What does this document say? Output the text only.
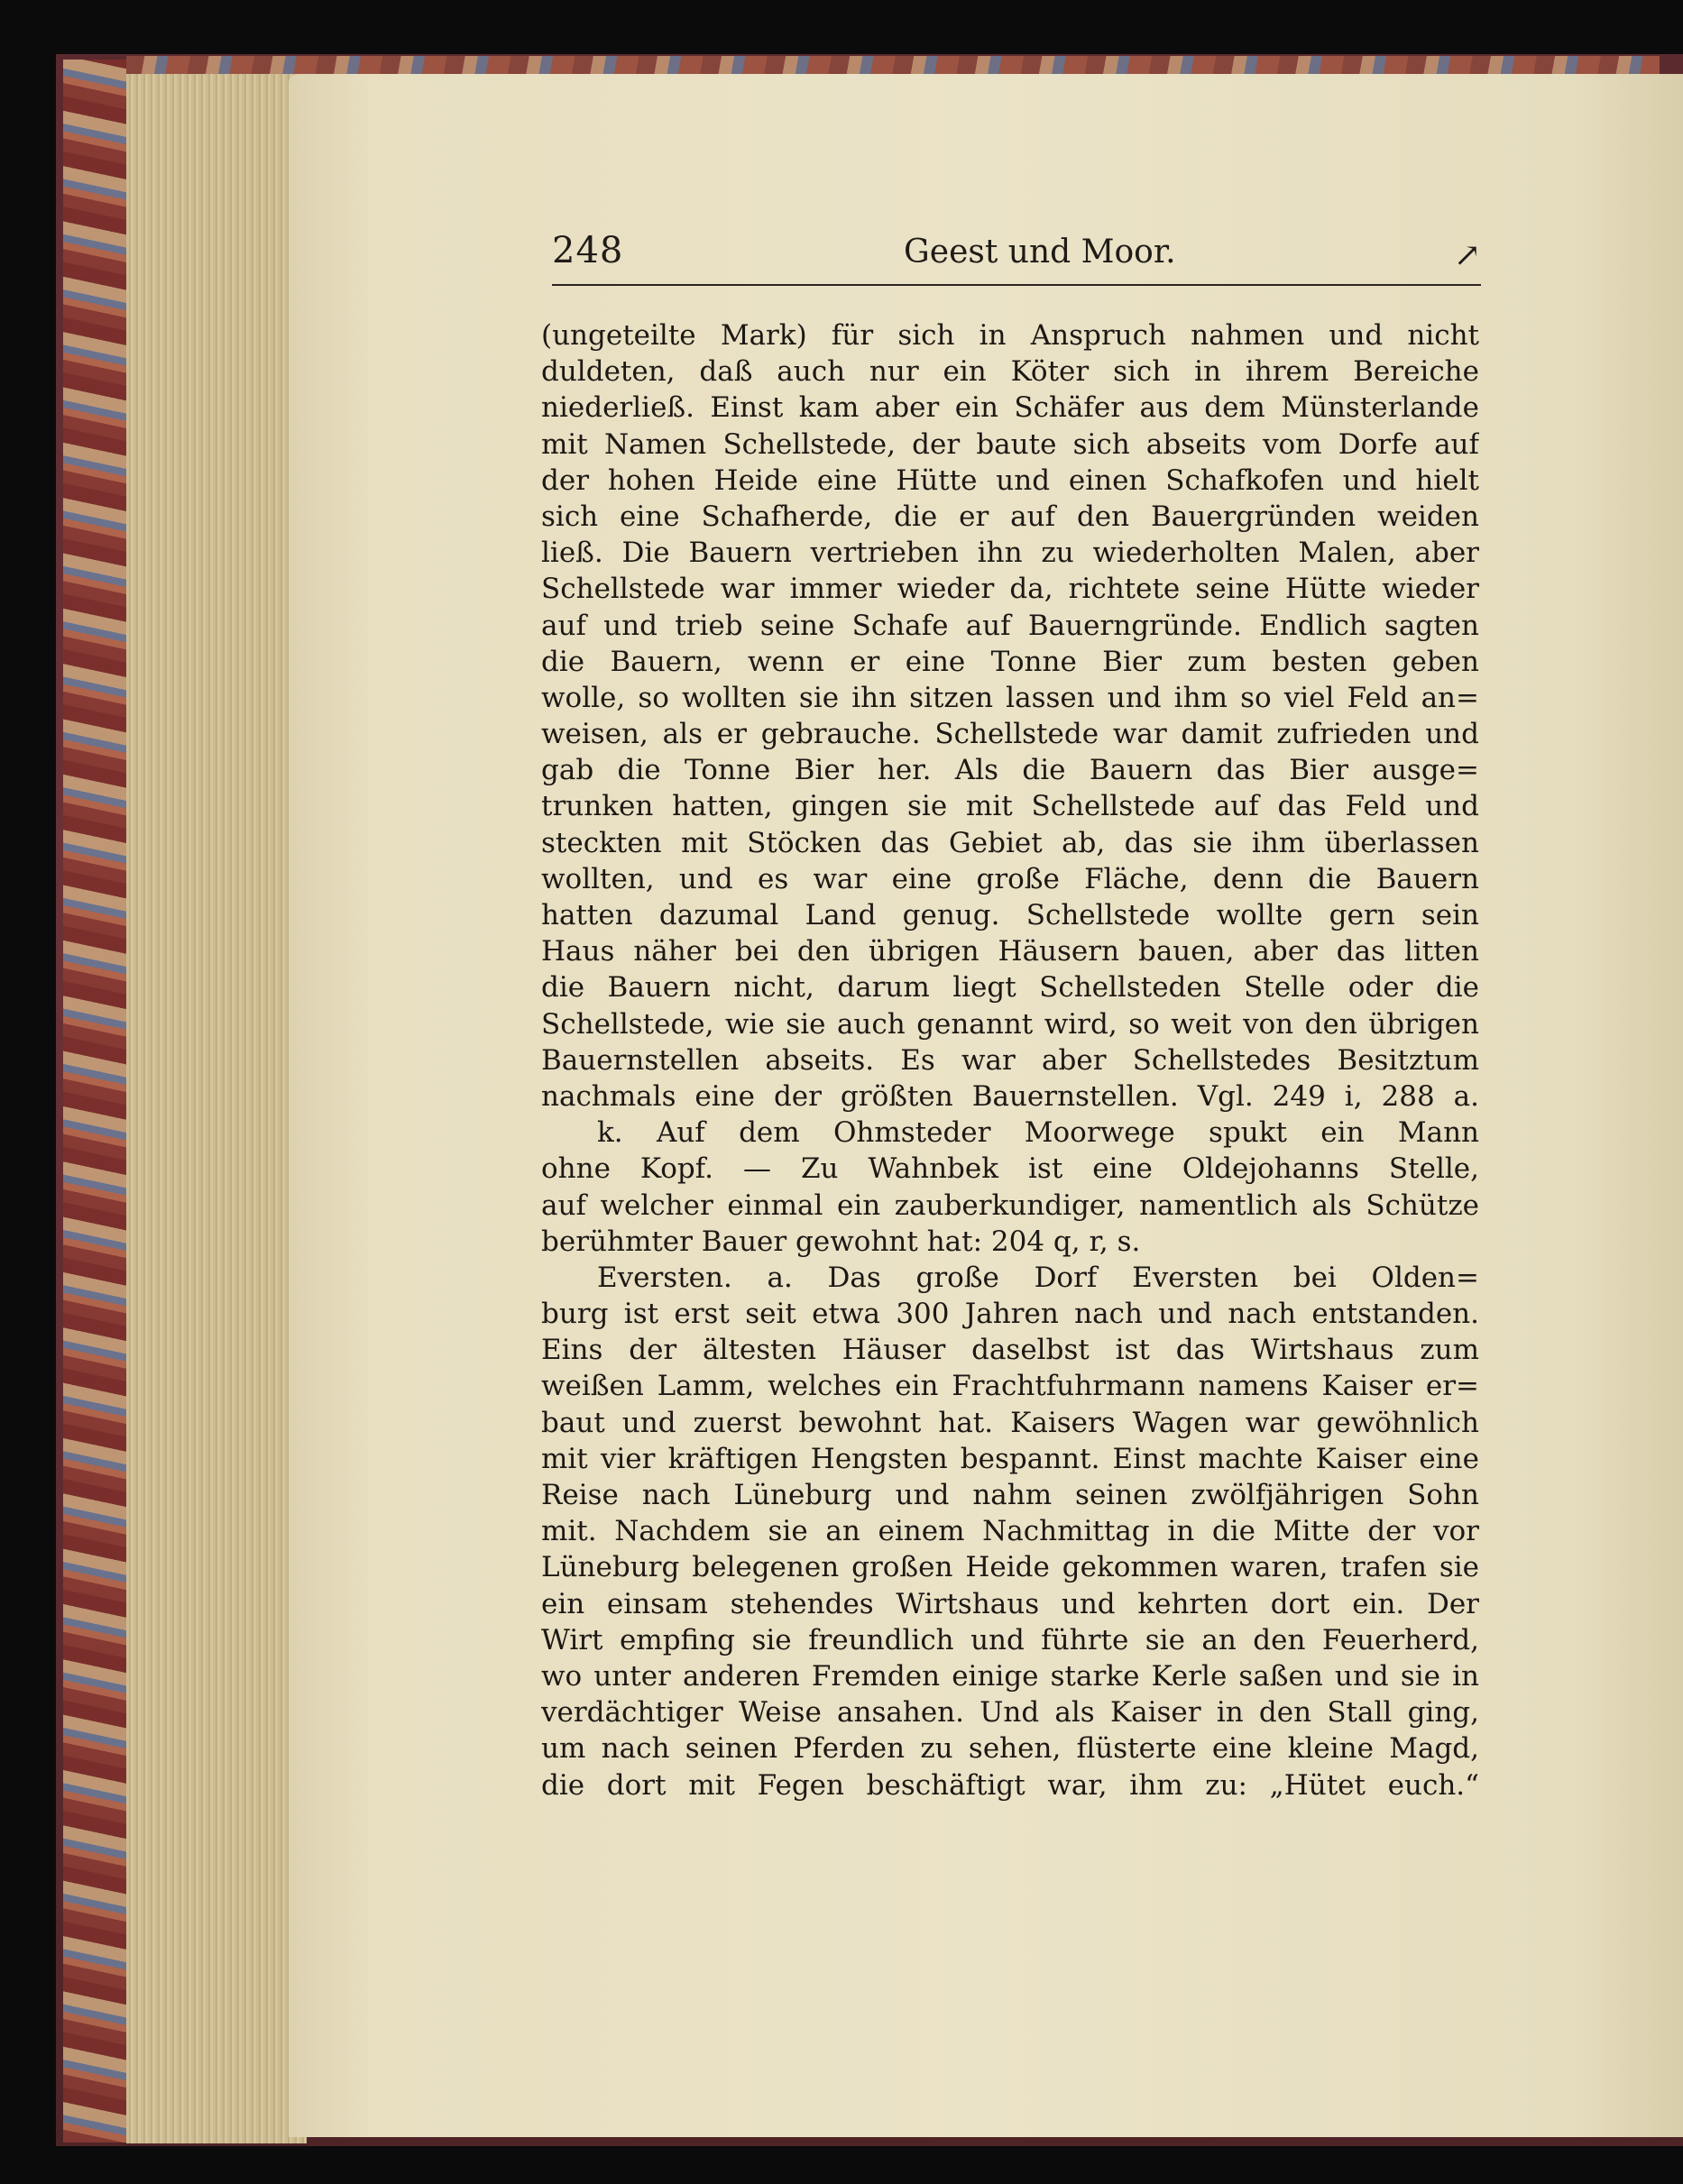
248	Geest und Moor.	↗
(ungeteilte Mark) für sich in Anspruch nahmen und nicht
duldeten, daß auch nur ein Köter sich in ihrem Bereiche
niederließ. Einst kam aber ein Schäfer aus dem Münsterlande
mit Namen Schellstede, der baute sich abseits vom Dorfe auf
der hohen Heide eine Hütte und einen Schafkofen und hielt
sich eine Schafherde, die er auf den Bauergründen weiden
ließ. Die Bauern vertrieben ihn zu wiederholten Malen, aber
Schellstede war immer wieder da, richtete seine Hütte wieder
auf und trieb seine Schafe auf Bauerngründe. Endlich sagten
die Bauern, wenn er eine Tonne Bier zum besten geben
wolle, so wollten sie ihn sitzen lassen und ihm so viel Feld an=
weisen, als er gebrauche. Schellstede war damit zufrieden und
gab die Tonne Bier her. Als die Bauern das Bier ausge=
trunken hatten, gingen sie mit Schellstede auf das Feld und
steckten mit Stöcken das Gebiet ab, das sie ihm überlassen
wollten, und es war eine große Fläche, denn die Bauern
hatten dazumal Land genug. Schellstede wollte gern sein
Haus näher bei den übrigen Häusern bauen, aber das litten
die Bauern nicht, darum liegt Schellsteden Stelle oder die
Schellstede, wie sie auch genannt wird, so weit von den übrigen
Bauernstellen abseits. Es war aber Schellstedes Besitztum
nachmals eine der größten Bauernstellen. Vgl. 249 i, 288 a.
k. Auf dem Ohmsteder Moorwege spukt ein Mann
ohne Kopf. — Zu Wahnbek ist eine Oldejohanns Stelle,
auf welcher einmal ein zauberkundiger, namentlich als Schütze
berühmter Bauer gewohnt hat: 204 q, r, s.
Eversten. a. Das große Dorf Eversten bei Olden=
burg ist erst seit etwa 300 Jahren nach und nach entstanden.
Eins der ältesten Häuser daselbst ist das Wirtshaus zum
weißen Lamm, welches ein Frachtfuhrmann namens Kaiser er=
baut und zuerst bewohnt hat. Kaisers Wagen war gewöhnlich
mit vier kräftigen Hengsten bespannt. Einst machte Kaiser eine
Reise nach Lüneburg und nahm seinen zwölfjährigen Sohn
mit. Nachdem sie an einem Nachmittag in die Mitte der vor
Lüneburg belegenen großen Heide gekommen waren, trafen sie
ein einsam stehendes Wirtshaus und kehrten dort ein. Der
Wirt empfing sie freundlich und führte sie an den Feuerherd,
wo unter anderen Fremden einige starke Kerle saßen und sie in
verdächtiger Weise ansahen. Und als Kaiser in den Stall ging,
um nach seinen Pferden zu sehen, flüsterte eine kleine Magd,
die dort mit Fegen beschäftigt war, ihm zu: „Hütet euch.“
